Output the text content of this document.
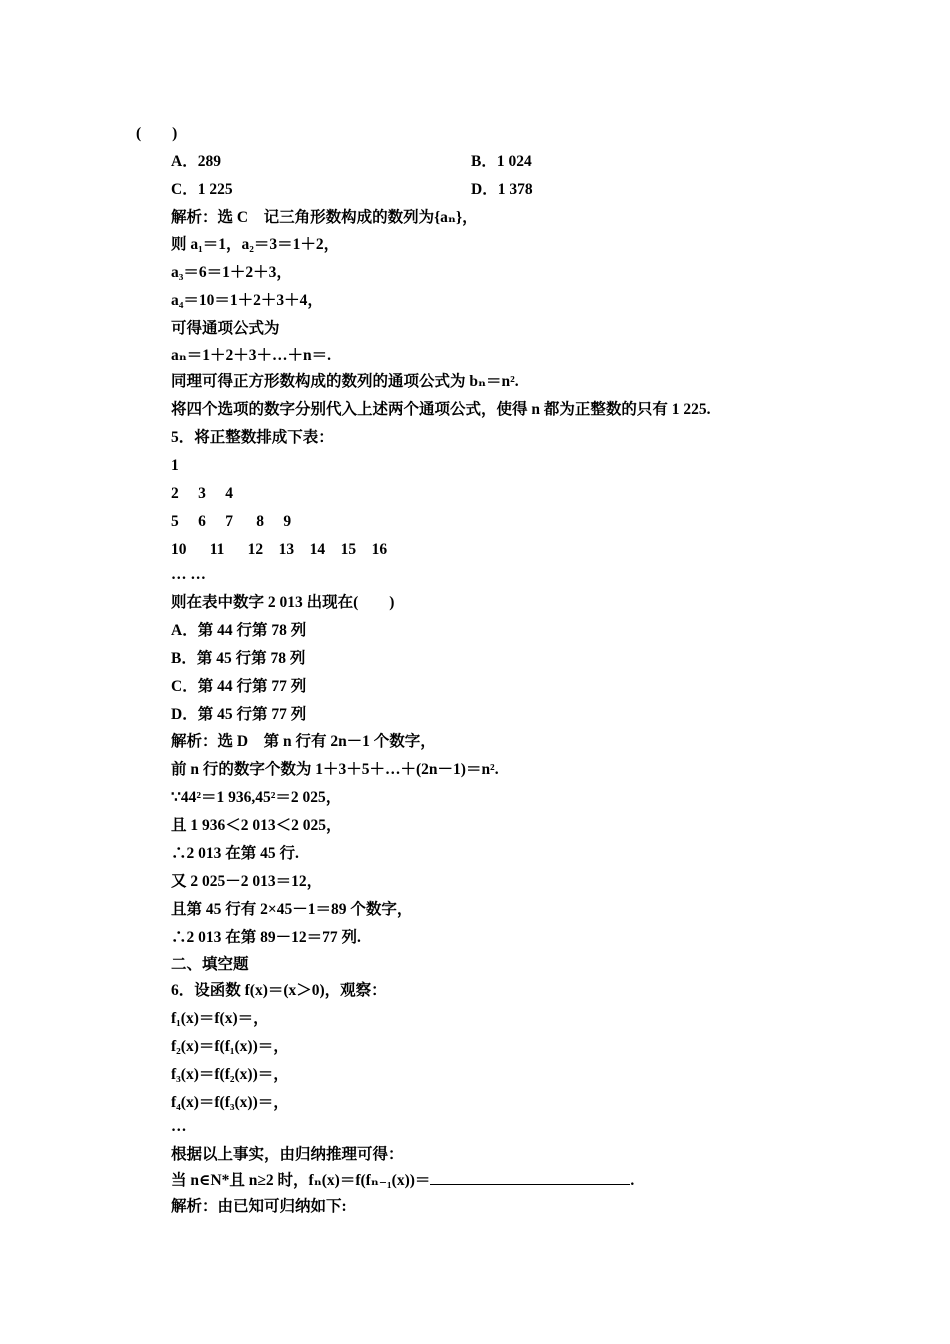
(　　)
A．289	B．1 024
C．1 225	D．1 378
解析：选 C　记三角形数构成的数列为{aₙ}，
则 a₁＝1，a₂＝3＝1＋2，
a₃＝6＝1＋2＋3，
a₄＝10＝1＋2＋3＋4，
可得通项公式为
aₙ＝1＋2＋3＋…＋n＝.
同理可得正方形数构成的数列的通项公式为 bₙ＝n².
将四个选项的数字分别代入上述两个通项公式，使得 n 都为正整数的只有 1 225.
5．将正整数排成下表：
1
2　 3　 4
5　 6　 7　  8　 9
10　  11　  12　13　14　15　16
… …
则在表中数字 2 013 出现在(　　)
A．第 44 行第 78 列
B．第 45 行第 78 列
C．第 44 行第 77 列
D．第 45 行第 77 列
解析：选 D　第 n 行有 2n－1 个数字，
前 n 行的数字个数为 1＋3＋5＋…＋(2n－1)＝n².
∵44²＝1 936,45²＝2 025，
且 1 936＜2 013＜2 025，
∴2 013 在第 45 行.
又 2 025－2 013＝12，
且第 45 行有 2×45－1＝89 个数字，
∴2 013 在第 89－12＝77 列.
二、填空题
6．设函数 f(x)＝(x＞0)，观察：
f₁(x)＝f(x)＝，
f₂(x)＝f(f₁(x))＝，
f₃(x)＝f(f₂(x))＝，
f₄(x)＝f(f₃(x))＝，
…
根据以上事实，由归纳推理可得：
当 n∈N*且 n≥2 时，fₙ(x)＝f(fₙ₋₁(x))＝	.
解析：由已知可归纳如下:
